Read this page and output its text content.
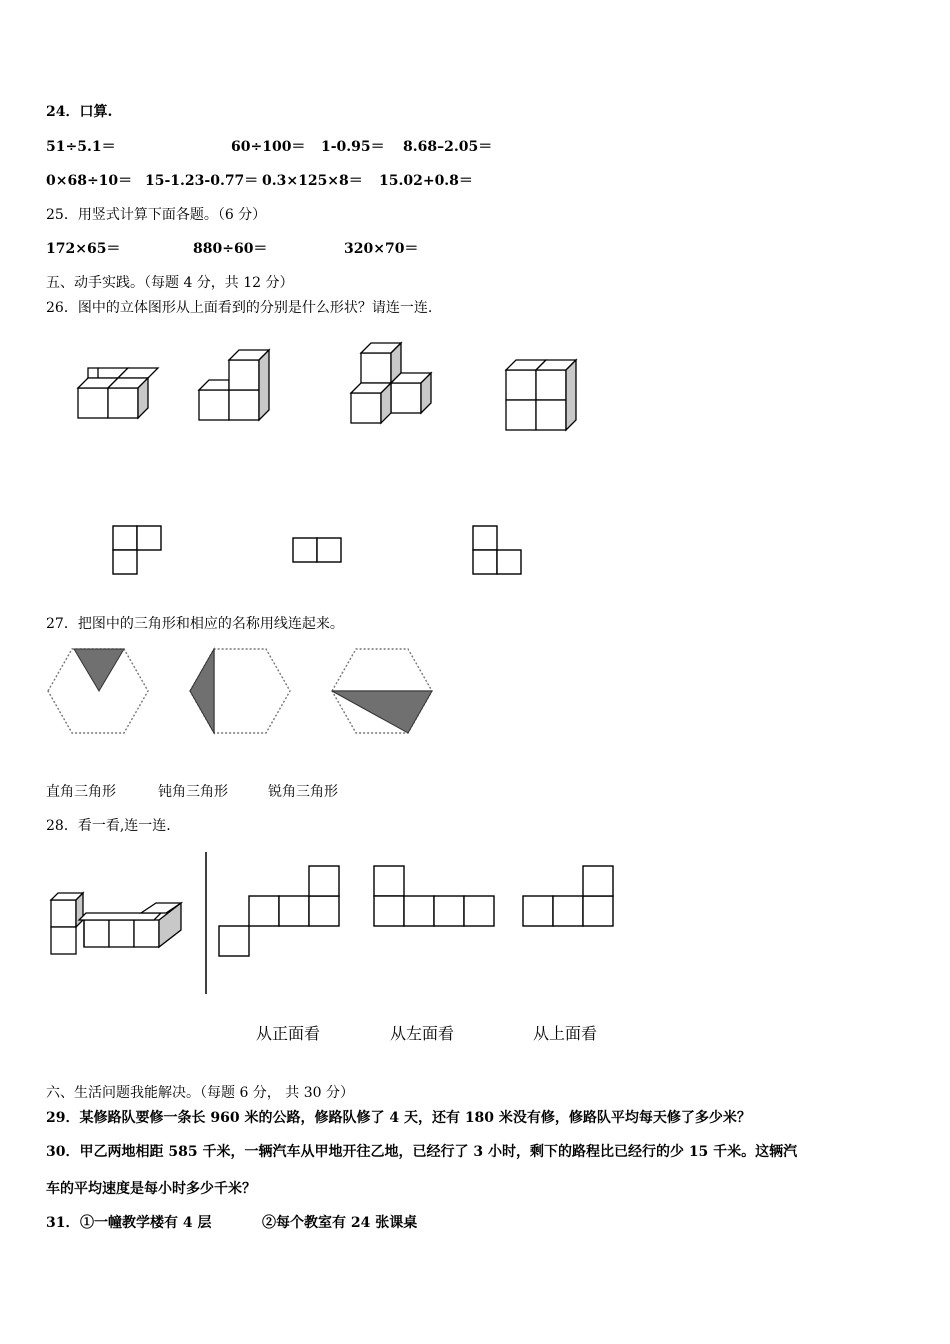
24．口算.
51÷5.1＝	60÷100＝ 1-0.95＝ 8.68–2.05＝
0×68÷10＝ 15-1.23-0.77＝ 0.3×125×8＝ 15.02+0.8＝
25．用竖式计算下面各题。（6 分）
172×65＝	880÷60＝	320×70＝
五、动手实践。（每题 4 分，共 12 分）
26．图中的立体图形从上面看到的分别是什么形状？请连一连.
27．把图中的三角形和相应的名称用线连起来。
直角三角形	钝角三角形	锐角三角形
28．看一看,连一连.
从正面看	从左面看	从上面看
六、生活问题我能解决。（每题 6 分， 共 30 分）
29．某修路队要修一条长 960 米的公路，修路队修了 4 天，还有 180 米没有修，修路队平均每天修了多少米？
30．甲乙两地相距 585 千米，一辆汽车从甲地开往乙地，已经行了 3 小时，剩下的路程比已经行的少 15 千米。这辆汽
车的平均速度是每小时多少千米？
31． ①一幢教学楼有 4 层	②每个教室有 24 张课桌
